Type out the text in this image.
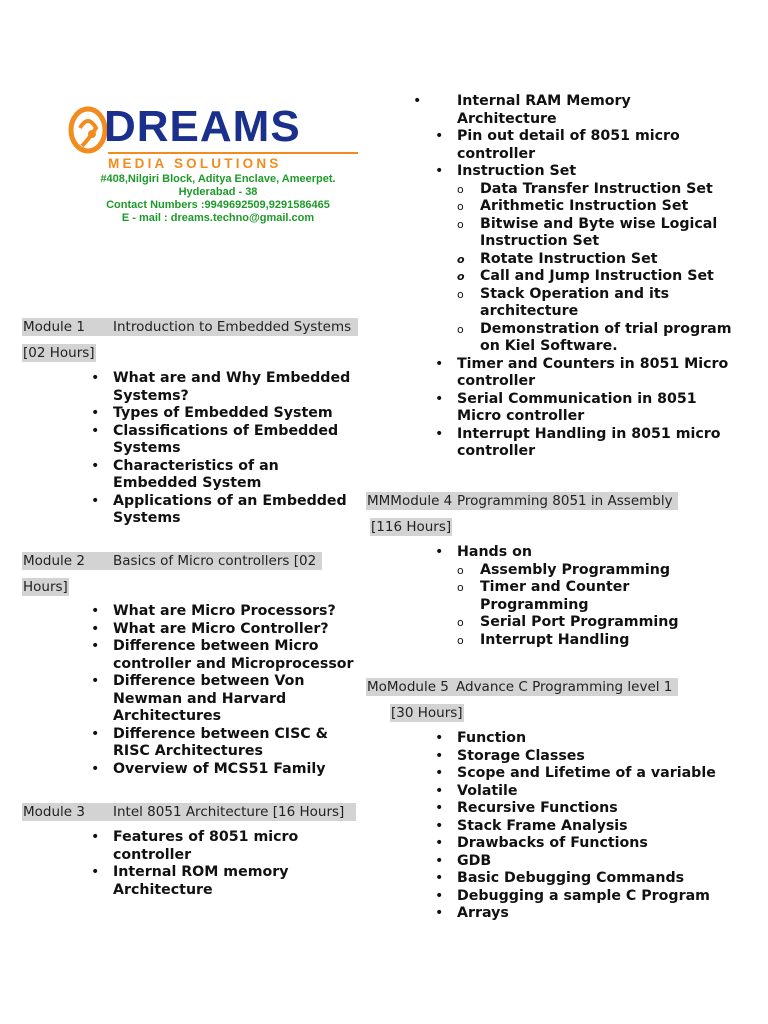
DREAMS
MEDIA SOLUTIONS
#408,Nilgiri Block, Aditya Enclave, Ameerpet.
Hyderabad - 38
Contact Numbers :9949692509,9291586465
E - mail : dreams.techno@gmail.com
Module 1 Introduction to Embedded Systems
[02 Hours]
• What are and Why Embedded Systems?
• Types of Embedded System
• Classifications of Embedded Systems
• Characteristics of an Embedded System
• Applications of an Embedded Systems
Module 2 Basics of Micro controllers [02
Hours]
• What are Micro Processors?
• What are Micro Controller?
• Difference between Micro controller and Microprocessor
• Difference between Von Newman and Harvard Architectures
• Difference between CISC & RISC Architectures
• Overview of MCS51 Family
Module 3 Intel 8051 Architecture [16 Hours]
• Features of 8051 micro controller
• Internal ROM memory Architecture
• Internal RAM Memory Architecture
• Pin out detail of 8051 micro controller
• Instruction Set
o Data Transfer Instruction Set
o Arithmetic Instruction Set
o Bitwise and Byte wise Logical Instruction Set
o Rotate Instruction Set
o Call and Jump Instruction Set
o Stack Operation and its architecture
o Demonstration of trial program on Kiel Software.
• Timer and Counters in 8051 Micro controller
• Serial Communication in 8051 Micro controller
• Interrupt Handling in 8051 micro controller
MMModule 4 Programming 8051 in Assembly
[116 Hours]
• Hands on
o Assembly Programming
o Timer and Counter Programming
o Serial Port Programming
o Interrupt Handling
MoModule 5 Advance C Programming level 1
[30 Hours]
• Function
• Storage Classes
• Scope and Lifetime of a variable
• Volatile
• Recursive Functions
• Stack Frame Analysis
• Drawbacks of Functions
• GDB
• Basic Debugging Commands
• Debugging a sample C Program
• Arrays
